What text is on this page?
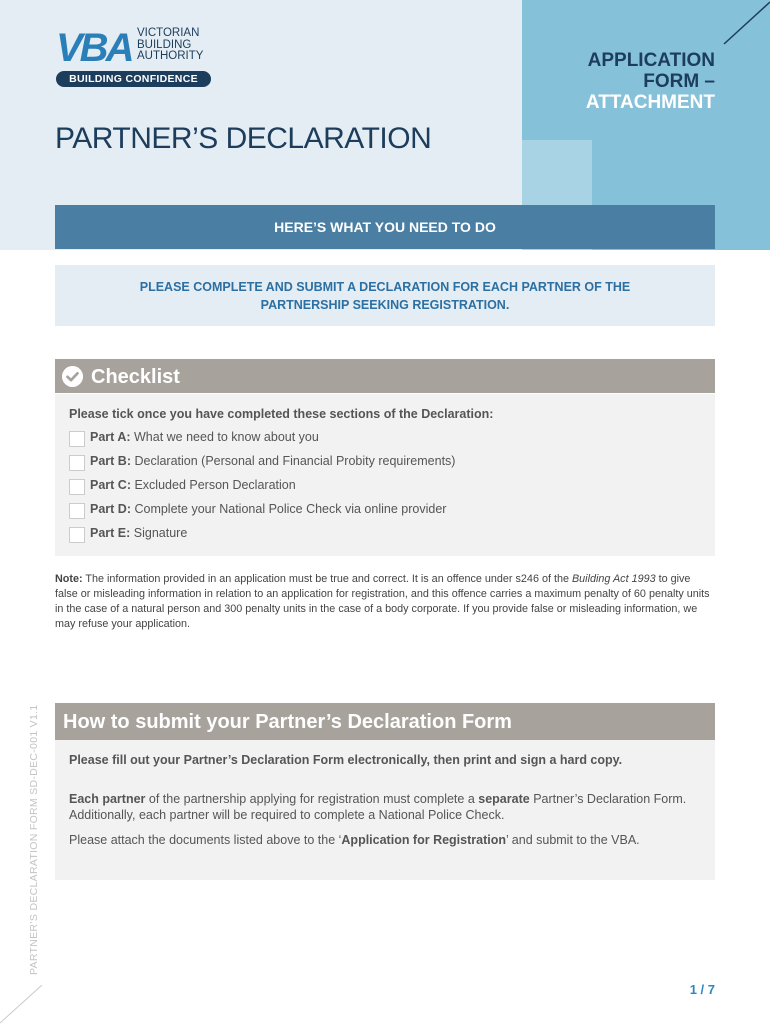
VBA VICTORIAN
BUILDING
AUTHORITY
BUILDING CONFIDENCE
APPLICATION
FORM –
ATTACHMENT
PARTNER’S DECLARATION
HERE’S WHAT YOU NEED TO DO
PLEASE COMPLETE AND SUBMIT A DECLARATION FOR EACH PARTNER OF THE PARTNERSHIP SEEKING REGISTRATION.
Checklist
Please tick once you have completed these sections of the Declaration:
Part A: What we need to know about you
Part B: Declaration (Personal and Financial Probity requirements)
Part C: Excluded Person Declaration
Part D: Complete your National Police Check via online provider
Part E: Signature
Note: The information provided in an application must be true and correct. It is an offence under s246 of the Building Act 1993 to give false or misleading information in relation to an application for registration, and this offence carries a maximum penalty of 60 penalty units in the case of a natural person and 300 penalty units in the case of a body corporate. If you provide false or misleading information, we may refuse your application.
How to submit your Partner’s Declaration Form
Please fill out your Partner’s Declaration Form electronically, then print and sign a hard copy.
Each partner of the partnership applying for registration must complete a separate Partner’s Declaration Form. Additionally, each partner will be required to complete a National Police Check.
Please attach the documents listed above to the ‘Application for Registration’ and submit to the VBA.
PARTNER’S DECLARATION FORM SD-DEC-001 V1.1
1 / 7
